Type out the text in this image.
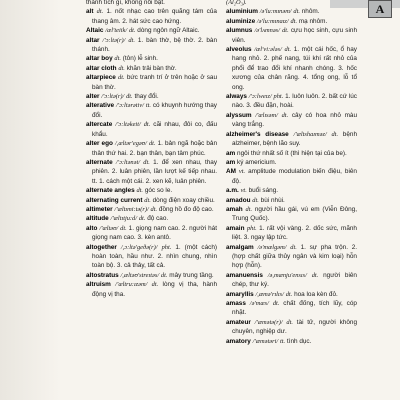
A

thành tích gì, không nổi bật.

alt dt. 1. nốt nhạc cao trên quãng tám của thang âm. 2. hát sức cao hứng.

Altaic /æl'teiik/ dt. dòng ngôn ngữ Altaic.

altar /'ɔ:ltə(r)/ dt. 1. bàn thờ, bệ thờ. 2. bàn thánh.

altar boy dt. (tôn) lễ sinh.

altar cloth dt. khăn trải bàn thờ.

altarpiece dt. bức tranh trí ở trên hoặc ở sau bàn thờ.

alter /'ɔ:ltə(r)/ đt. thay đổi.

alterative /'ɔ:ltərətiv/ tt. có khuynh hướng thay đổi.

altercate /'ɔ:ltəkeit/ đt. cãi nhau, đôi co, đấu khẩu.

alter ego /,æltər'egəʊ/ dt. 1. bản ngã hoặc bản thân thứ hai. 2. bạn thân, bạn tâm phúc.

alternate /'ɔ:ltənət/ đt. 1. để xen nhau, thay phiên. 2. luân phiên, lần lượt kế tiếp nhau. tt. 1. cách một cái. 2. xen kẽ, luân phiên.

alternate angles dt. góc so le.

alternating current dt. dòng điện xoay chiều.

altimeter /'æltɪmi:tə(r)/ dt. đồng hồ đo độ cao.

altitude /'æltɪtju:d/ dt. độ cao.

alto /'æltəʊ/ dt. 1. giọng nam cao. 2. người hát giọng nam cao. 3. kèn antô.

altogether /,ɔ:ltə'geðə(r)/ pht. 1. (một cách) hoàn toàn, hầu như. 2. nhìn chung, nhìn toàn bộ. 3. cả thảy, tất cả.

altostratus /,æltəʊ'streɪtəs/ dt. mây trung tầng.

altruism /'æltru:ɪzəm/ dt. lòng vị tha, hành động vị tha.

(Al₂O₃).

aluminium /ə'lu:mɪnəm/ dt. nhôm.

aluminize /ə'lu:mɪnaɪz/ đt. mạ nhôm.

alumnus /ə'lʌmnəs/ dt. cựu học sinh, cựu sinh viên.

alveolus /æl'vi:ələs/ dt. 1. một cái hốc, ổ hay hang nhỏ. 2. phế nang, túi khí rất nhỏ của phổi để trao đổi khí nhanh chóng. 3. hốc xương của chân răng. 4. tổng ong, lỗ tổ ong.

always /'ɔ:lweɪz/ pht. 1. luôn luôn. 2. bất cứ lúc nào. 3. đều đặn, hoài.

alyssum /'ælɪsəm/ dt. cây có hoa nhỏ màu vàng trắng.

alzheimer's disease /'æltshaɪməz/ dt. bệnh alzheimer, bệnh lão suy.

am ngôi thứ nhất số ít (thì hiện tại của be).

am ký americium.

AM vt. amplitude modulation biến điệu, biên độ.

a.m. vt. buổi sáng.

amadou dt. bùi nhùi.

amah dt. người hầu gái, vú em (Viễn Đông, Trung Quốc).

amain pht. 1. rất vội vàng. 2. dốc sức, mãnh liệt. 3. ngay lập tức.

amalgam /ə'mælgəm/ dt. 1. sự pha trộn. 2. (hợp chất giữa thủy ngân và kim loại) hỗn hợp (hỗn).

amanuensis /ə,mænju'ensɪs/ dt. người biên chép, thư ký.

amaryllis /,æmə'rɪlɪs/ dt. hoa loa kèn đỏ.

amass /ə'mæs/ đt. chất đống, tích lũy, cóp nhặt.

amateur /'æmətə(r)/ dt. tài tử, người không chuyên, nghiệp dư.

amatory /'æmətəri/ tt. tình dục.
